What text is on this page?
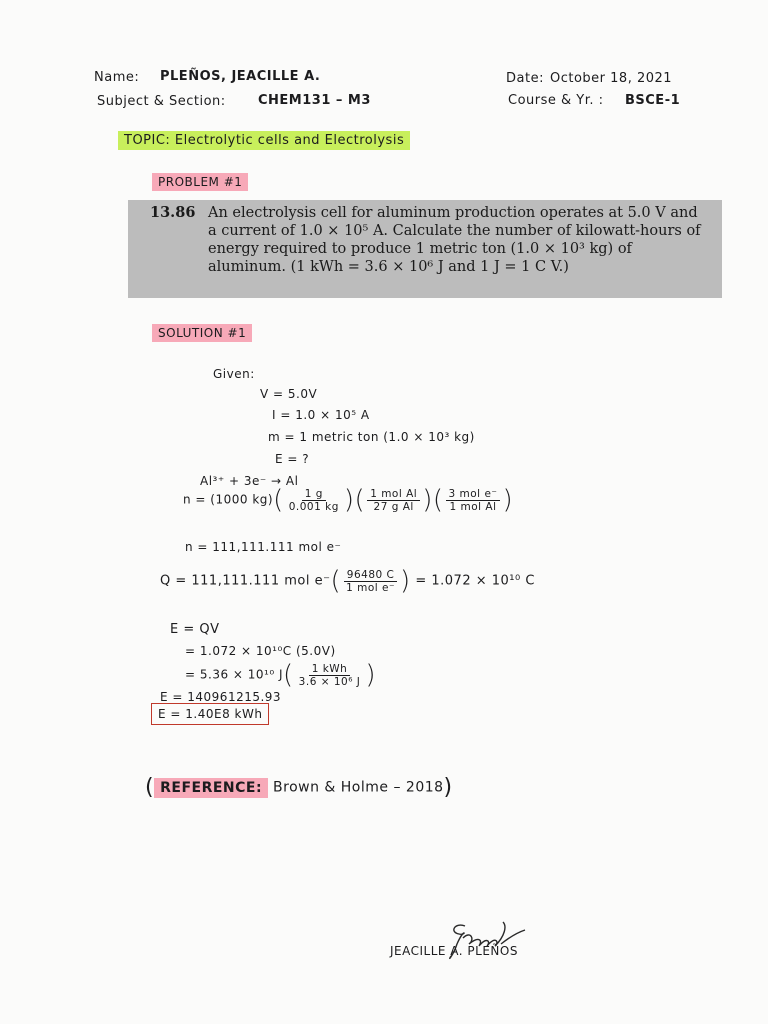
Name: PLEÑOS, JEACILLE A.
Subject & Section: CHEM131 – M3
Date: October 18, 2021
Course & Yr. : BSCE-1
TOPIC: Electrolytic cells and Electrolysis
PROBLEM #1
13.86 An electrolysis cell for aluminum production operates at 5.0 V and a current of 1.0 × 10⁵ A. Calculate the number of kilowatt-hours of energy required to produce 1 metric ton (1.0 × 10³ kg) of aluminum. (1 kWh = 3.6 × 10⁶ J and 1 J = 1 C V.)
SOLUTION #1
Given:
V = 5.0V
I = 1.0 × 10⁵ A
m = 1 metric ton (1.0 × 10³ kg)
E = ?
Al³⁺ + 3e⁻ → Al
n = (1000 $kg)( \frac{1 g}{0.001 kg}$ )( $\frac{\text{1 mol Al}}{\text{27 g Al}}$ )( $\frac{\text{3 mol e⁻}}{\text{1 mol Al}}$ )
n = 111,111.111 mol e⁻
Q = 111,111.111 mol $e^-( \frac{96480 C}{\text{1 mol e⁻}}$ ) = 1.072 × 10¹⁰ C
E = QV
= 1.072 × 10¹⁰C (5.0V)
= 5.36 × 10¹⁰ $J( \frac{\text{1 kWh}}{\text{3.6 × 10⁶ J}}$ )
E = 140961215.93
E = 1.40E8 kWh
( REFERENCE: Brown & Holme – 2018)
JEACILLE A. PLEÑOS
